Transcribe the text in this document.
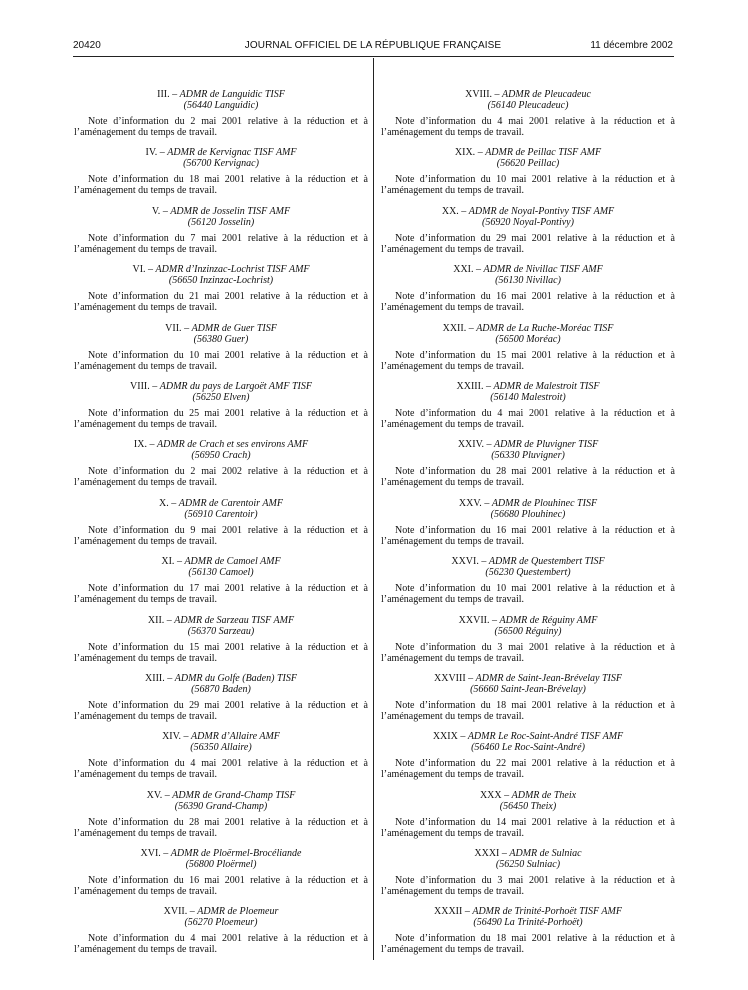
20420	JOURNAL OFFICIEL DE LA RÉPUBLIQUE FRANÇAISE	11 décembre 2002
III. – ADMR de Languidic TISF
(56440 Languidic)
Note d’information du 2 mai 2001 relative à la réduction et à l’aménagement du temps de travail.
IV. – ADMR de Kervignac TISF AMF
(56700 Kervignac)
Note d’information du 18 mai 2001 relative à la réduction et à l’aménagement du temps de travail.
V. – ADMR de Josselin TISF AMF
(56120 Josselin)
Note d’information du 7 mai 2001 relative à la réduction et à l’aménagement du temps de travail.
VI. – ADMR d’Inzinzac-Lochrist TISF AMF
(56650 Inzinzac-Lochrist)
Note d’information du 21 mai 2001 relative à la réduction et à l’aménagement du temps de travail.
VII. – ADMR de Guer TISF
(56380 Guer)
Note d’information du 10 mai 2001 relative à la réduction et à l’aménagement du temps de travail.
VIII. – ADMR du pays de Largoët AMF TISF
(56250 Elven)
Note d’information du 25 mai 2001 relative à la réduction et à l’aménagement du temps de travail.
IX. – ADMR de Crach et ses environs AMF
(56950 Crach)
Note d’information du 2 mai 2002 relative à la réduction et à l’aménagement du temps de travail.
X. – ADMR de Carentoir AMF
(56910 Carentoir)
Note d’information du 9 mai 2001 relative à la réduction et à l’aménagement du temps de travail.
XI. – ADMR de Camoel AMF
(56130 Camoel)
Note d’information du 17 mai 2001 relative à la réduction et à l’aménagement du temps de travail.
XII. – ADMR de Sarzeau TISF AMF
(56370 Sarzeau)
Note d’information du 15 mai 2001 relative à la réduction et à l’aménagement du temps de travail.
XIII. – ADMR du Golfe (Baden) TISF
(56870 Baden)
Note d’information du 29 mai 2001 relative à la réduction et à l’aménagement du temps de travail.
XIV. – ADMR d’Allaire AMF
(56350 Allaire)
Note d’information du 4 mai 2001 relative à la réduction et à l’aménagement du temps de travail.
XV. – ADMR de Grand-Champ TISF
(56390 Grand-Champ)
Note d’information du 28 mai 2001 relative à la réduction et à l’aménagement du temps de travail.
XVI. – ADMR de Ploërmel-Brocéliande
(56800 Ploërmel)
Note d’information du 16 mai 2001 relative à la réduction et à l’aménagement du temps de travail.
XVII. – ADMR de Ploemeur
(56270 Ploemeur)
Note d’information du 4 mai 2001 relative à la réduction et à l’aménagement du temps de travail.
XVIII. – ADMR de Pleucadeuc
(56140 Pleucadeuc)
Note d’information du 4 mai 2001 relative à la réduction et à l’aménagement du temps de travail.
XIX. – ADMR de Peillac TISF AMF
(56620 Peillac)
Note d’information du 10 mai 2001 relative à la réduction et à l’aménagement du temps de travail.
XX. – ADMR de Noyal-Pontivy TISF AMF
(56920 Noyal-Pontivy)
Note d’information du 29 mai 2001 relative à la réduction et à l’aménagement du temps de travail.
XXI. – ADMR de Nivillac TISF AMF
(56130 Nivillac)
Note d’information du 16 mai 2001 relative à la réduction et à l’aménagement du temps de travail.
XXII. – ADMR de La Ruche-Moréac TISF
(56500 Moréac)
Note d’information du 15 mai 2001 relative à la réduction et à l’aménagement du temps de travail.
XXIII. – ADMR de Malestroit TISF
(56140 Malestroit)
Note d’information du 4 mai 2001 relative à la réduction et à l’aménagement du temps de travail.
XXIV. – ADMR de Pluvigner TISF
(56330 Pluvigner)
Note d’information du 28 mai 2001 relative à la réduction et à l’aménagement du temps de travail.
XXV. – ADMR de Plouhinec TISF
(56680 Plouhinec)
Note d’information du 16 mai 2001 relative à la réduction et à l’aménagement du temps de travail.
XXVI. – ADMR de Questembert TISF
(56230 Questembert)
Note d’information du 10 mai 2001 relative à la réduction et à l’aménagement du temps de travail.
XXVII. – ADMR de Réguiny AMF
(56500 Réguiny)
Note d’information du 3 mai 2001 relative à la réduction et à l’aménagement du temps de travail.
XXVIII – ADMR de Saint-Jean-Brévelay TISF
(56660 Saint-Jean-Brévelay)
Note d’information du 18 mai 2001 relative à la réduction et à l’aménagement du temps de travail.
XXIX – ADMR Le Roc-Saint-André TISF AMF
(56460 Le Roc-Saint-André)
Note d’information du 22 mai 2001 relative à la réduction et à l’aménagement du temps de travail.
XXX – ADMR de Theix
(56450 Theix)
Note d’information du 14 mai 2001 relative à la réduction et à l’aménagement du temps de travail.
XXXI – ADMR de Sulniac
(56250 Sulniac)
Note d’information du 3 mai 2001 relative à la réduction et à l’aménagement du temps de travail.
XXXII – ADMR de Trinité-Porhoët TISF AMF
(56490 La Trinité-Porhoët)
Note d’information du 18 mai 2001 relative à la réduction et à l’aménagement du temps de travail.
